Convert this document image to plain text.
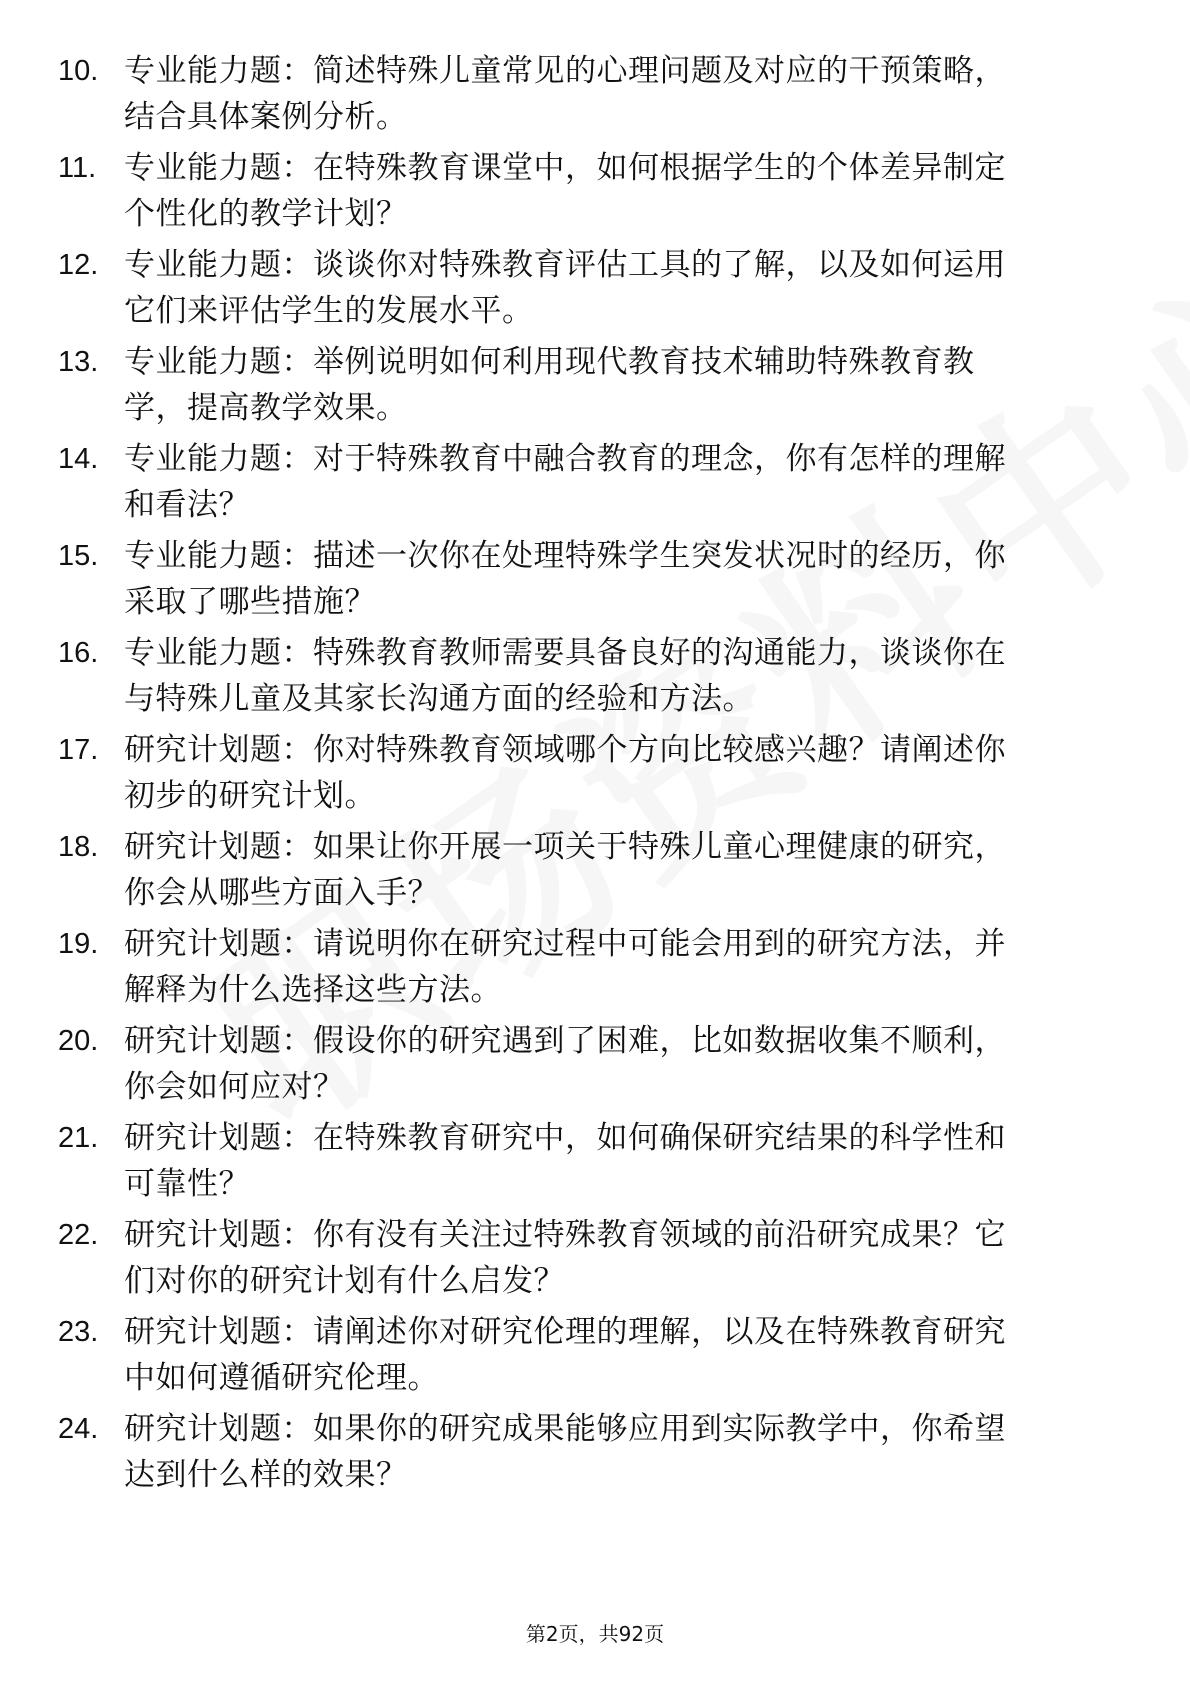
10. 专业能力题：简述特殊儿童常见的心理问题及对应的干预策略，
结合具体案例分析。
11. 专业能力题：在特殊教育课堂中，如何根据学生的个体差异制定
个性化的教学计划？
12. 专业能力题：谈谈你对特殊教育评估工具的了解，以及如何运用
它们来评估学生的发展水平。
13. 专业能力题：举例说明如何利用现代教育技术辅助特殊教育教
学，提高教学效果。
14. 专业能力题：对于特殊教育中融合教育的理念，你有怎样的理解
和看法？
15. 专业能力题：描述一次你在处理特殊学生突发状况时的经历，你
采取了哪些措施？
16. 专业能力题：特殊教育教师需要具备良好的沟通能力，谈谈你在
与特殊儿童及其家长沟通方面的经验和方法。
17. 研究计划题：你对特殊教育领域哪个方向比较感兴趣？请阐述你
初步的研究计划。
18. 研究计划题：如果让你开展一项关于特殊儿童心理健康的研究，
你会从哪些方面入手？
19. 研究计划题：请说明你在研究过程中可能会用到的研究方法，并
解释为什么选择这些方法。
20. 研究计划题：假设你的研究遇到了困难，比如数据收集不顺利，
你会如何应对？
21. 研究计划题：在特殊教育研究中，如何确保研究结果的科学性和
可靠性？
22. 研究计划题：你有没有关注过特殊教育领域的前沿研究成果？它
们对你的研究计划有什么启发？
23. 研究计划题：请阐述你对研究伦理的理解，以及在特殊教育研究
中如何遵循研究伦理。
24. 研究计划题：如果你的研究成果能够应用到实际教学中，你希望
达到什么样的效果？
第2页，共92页
